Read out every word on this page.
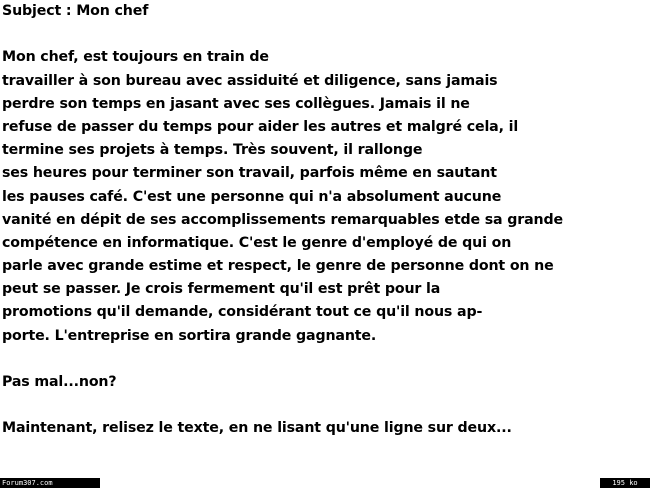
Subject : Mon chef
Mon chef, est toujours en train de
travailler à son bureau avec assiduité et diligence, sans jamais
perdre son temps en jasant avec ses collègues. Jamais il ne
refuse de passer du temps pour aider les autres et malgré cela, il
termine ses projets à temps. Très souvent, il rallonge
ses heures pour terminer son travail, parfois même en sautant
les pauses café. C'est une personne qui n'a absolument aucune
vanité en dépit de ses accomplissements remarquables etde sa grande
compétence en informatique. C'est le genre d'employé de qui on
parle avec grande estime et respect, le genre de personne dont on ne
peut se passer. Je crois fermement qu'il est prêt pour la
promotions qu'il demande, considérant tout ce qu'il nous ap-
porte. L'entreprise en sortira grande gagnante.
Pas mal...non?
Maintenant, relisez le texte, en ne lisant qu'une ligne sur deux...
Forum307.com	195 ko
